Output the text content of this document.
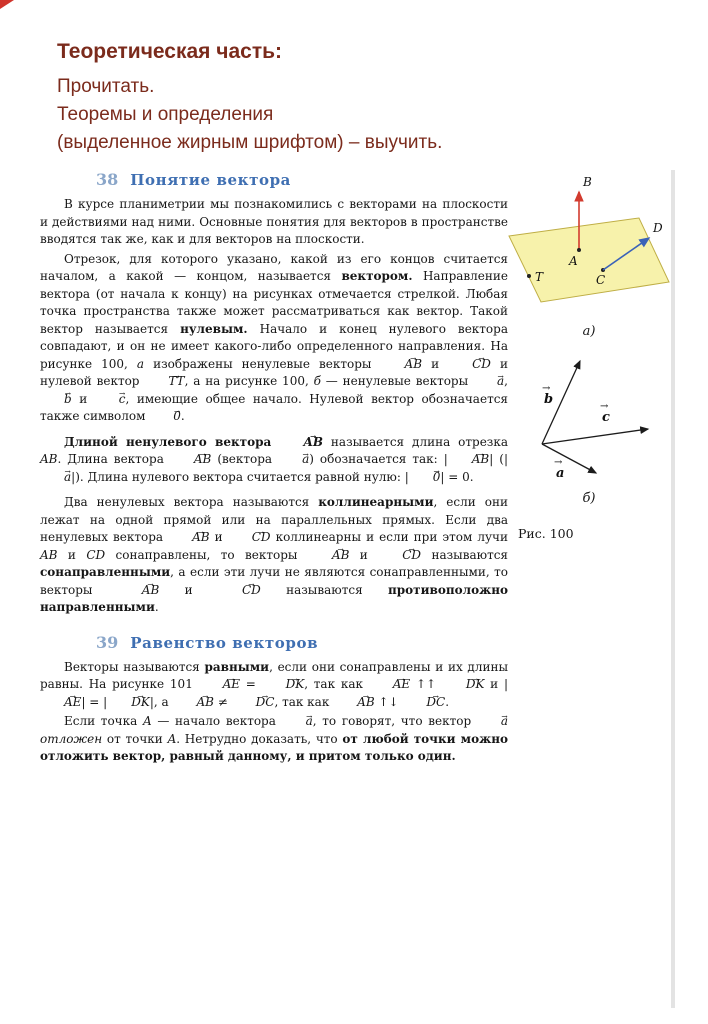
Теоретическая часть:
Прочитать.
Теоремы и определения
(выделенное жирным шрифтом) – выучить.
38 Понятие вектора

В курсе планиметрии мы познакомились с векторами на плоскости и действиями над ними. Основные понятия для векторов в пространстве вводятся так же, как и для векторов на плоскости.

Отрезок, для которого указано, какой из его концов считается началом, а какой — концом, называется вектором. Направление вектора (от начала к концу) на рисунках отмечается стрелкой. Любая точка пространства также может рассматриваться как вектор. Такой вектор называется нулевым. Начало и конец нулевого вектора совпадают, и он не имеет какого-либо определенного направления. На рисунке 100, а изображены ненулевые векторы AB → и CD → и нулевой вектор TT →, а на рисунке 100, б — ненулевые векторы a →, b → и c →, имеющие общее начало. Нулевой вектор обозначается также символом 0 →.

Длиной ненулевого вектора AB → называется длина отрезка AB. Длина вектора AB → (вектора a →) обозначается так: | AB →| (|a →|). Длина нулевого вектора считается равной нулю: | 0 →| = 0.

Два ненулевых вектора называются коллинеарными, если они лежат на одной прямой или на параллельных прямых. Если два ненулевых вектора AB → и CD → коллинеарны и если при этом лучи AB и CD сонаправлены, то векторы AB → и CD → называются сонаправленными, а если эти лучи не являются сонаправленными, то векторы AB → и CD → называются противоположно направленными.

39 Равенство векторов

Векторы называются равными, если они сонаправлены и их длины равны. На рисунке 101 AE → = DK →, так как AE → ↑↑ DK → и |AE →| = | DK →|, а AB → ≠ DC →, так как AB → ↑↓ DC →.

Если точка A — начало вектора a →, то говорят, что вектор a → отложен от точки A. Нетрудно доказать, что от любой точки можно отложить вектор, равный данному, и притом только один.

B
A
C
D
T
а)
b
→
c
→
a
→
б)
Рис. 100
